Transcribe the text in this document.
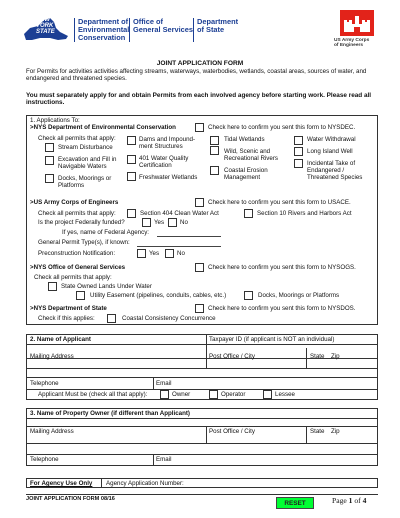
NEW
YORK
STATE
Department of
Environmental
Conservation
Office of
General Services
Department
of State
US Army Corps
of Engineers
JOINT APPLICATION FORM
For Permits for activities activities affecting streams, waterways, waterbodies, wetlands, coastal areas, sources of water, and endangered and threatened species.
You must separately apply for and obtain Permits from each involved agency before starting work. Please read all instructions.
1. Applications To:
>NYS Department of Environmental Conservation	Check here to confirm you sent this form to NYSDEC.
Check all permits that apply:
Stream Disturbance
Excavation and Fill in Navigable Waters
Docks, Moorings or Platforms
Dams and Impound-ment Structures
401 Water Quality Certification
Freshwater Wetlands
Tidal Wetlands
Wild, Scenic and Recreational Rivers
Coastal Erosion Management
Water Withdrawal
Long Island Well
Incidental Take of Endangered / Threatened Species
>US Army Corps of Engineers	Check here to confirm you sent this form to USACE.
Check all permits that apply:	Section 404 Clean Water Act	Section 10 Rivers and Harbors Act
Is the project Federally funded?	Yes	No
If yes, name of Federal Agency:
General Permit Type(s), if known:
Preconstruction Notification:	Yes	No
>NYS Office of General Services	Check here to confirm you sent this form to NYSOGS.
Check all permits that apply:
State Owned Lands Under Water
Utility Easement (pipelines, conduits, cables, etc.)	Docks, Moorings or Platforms
>NYS Department of State	Check here to confirm you sent this form to NYSDOS.
Check if this applies:	Coastal Consistency Concurrence
2. Name of Applicant	Taxpayer ID (if applicant is NOT an individual)
Mailing Address	Post Office / City	State Zip
Telephone	Email
Applicant Must be (check all that apply):	Owner	Operator	Lessee
3. Name of Property Owner (if different than Applicant)
Mailing Address	Post Office / City	State Zip
Telephone	Email
For Agency Use Only Agency Application Number:
JOINT APPLICATION FORM 08/16
RESET	Page 1 of 4
